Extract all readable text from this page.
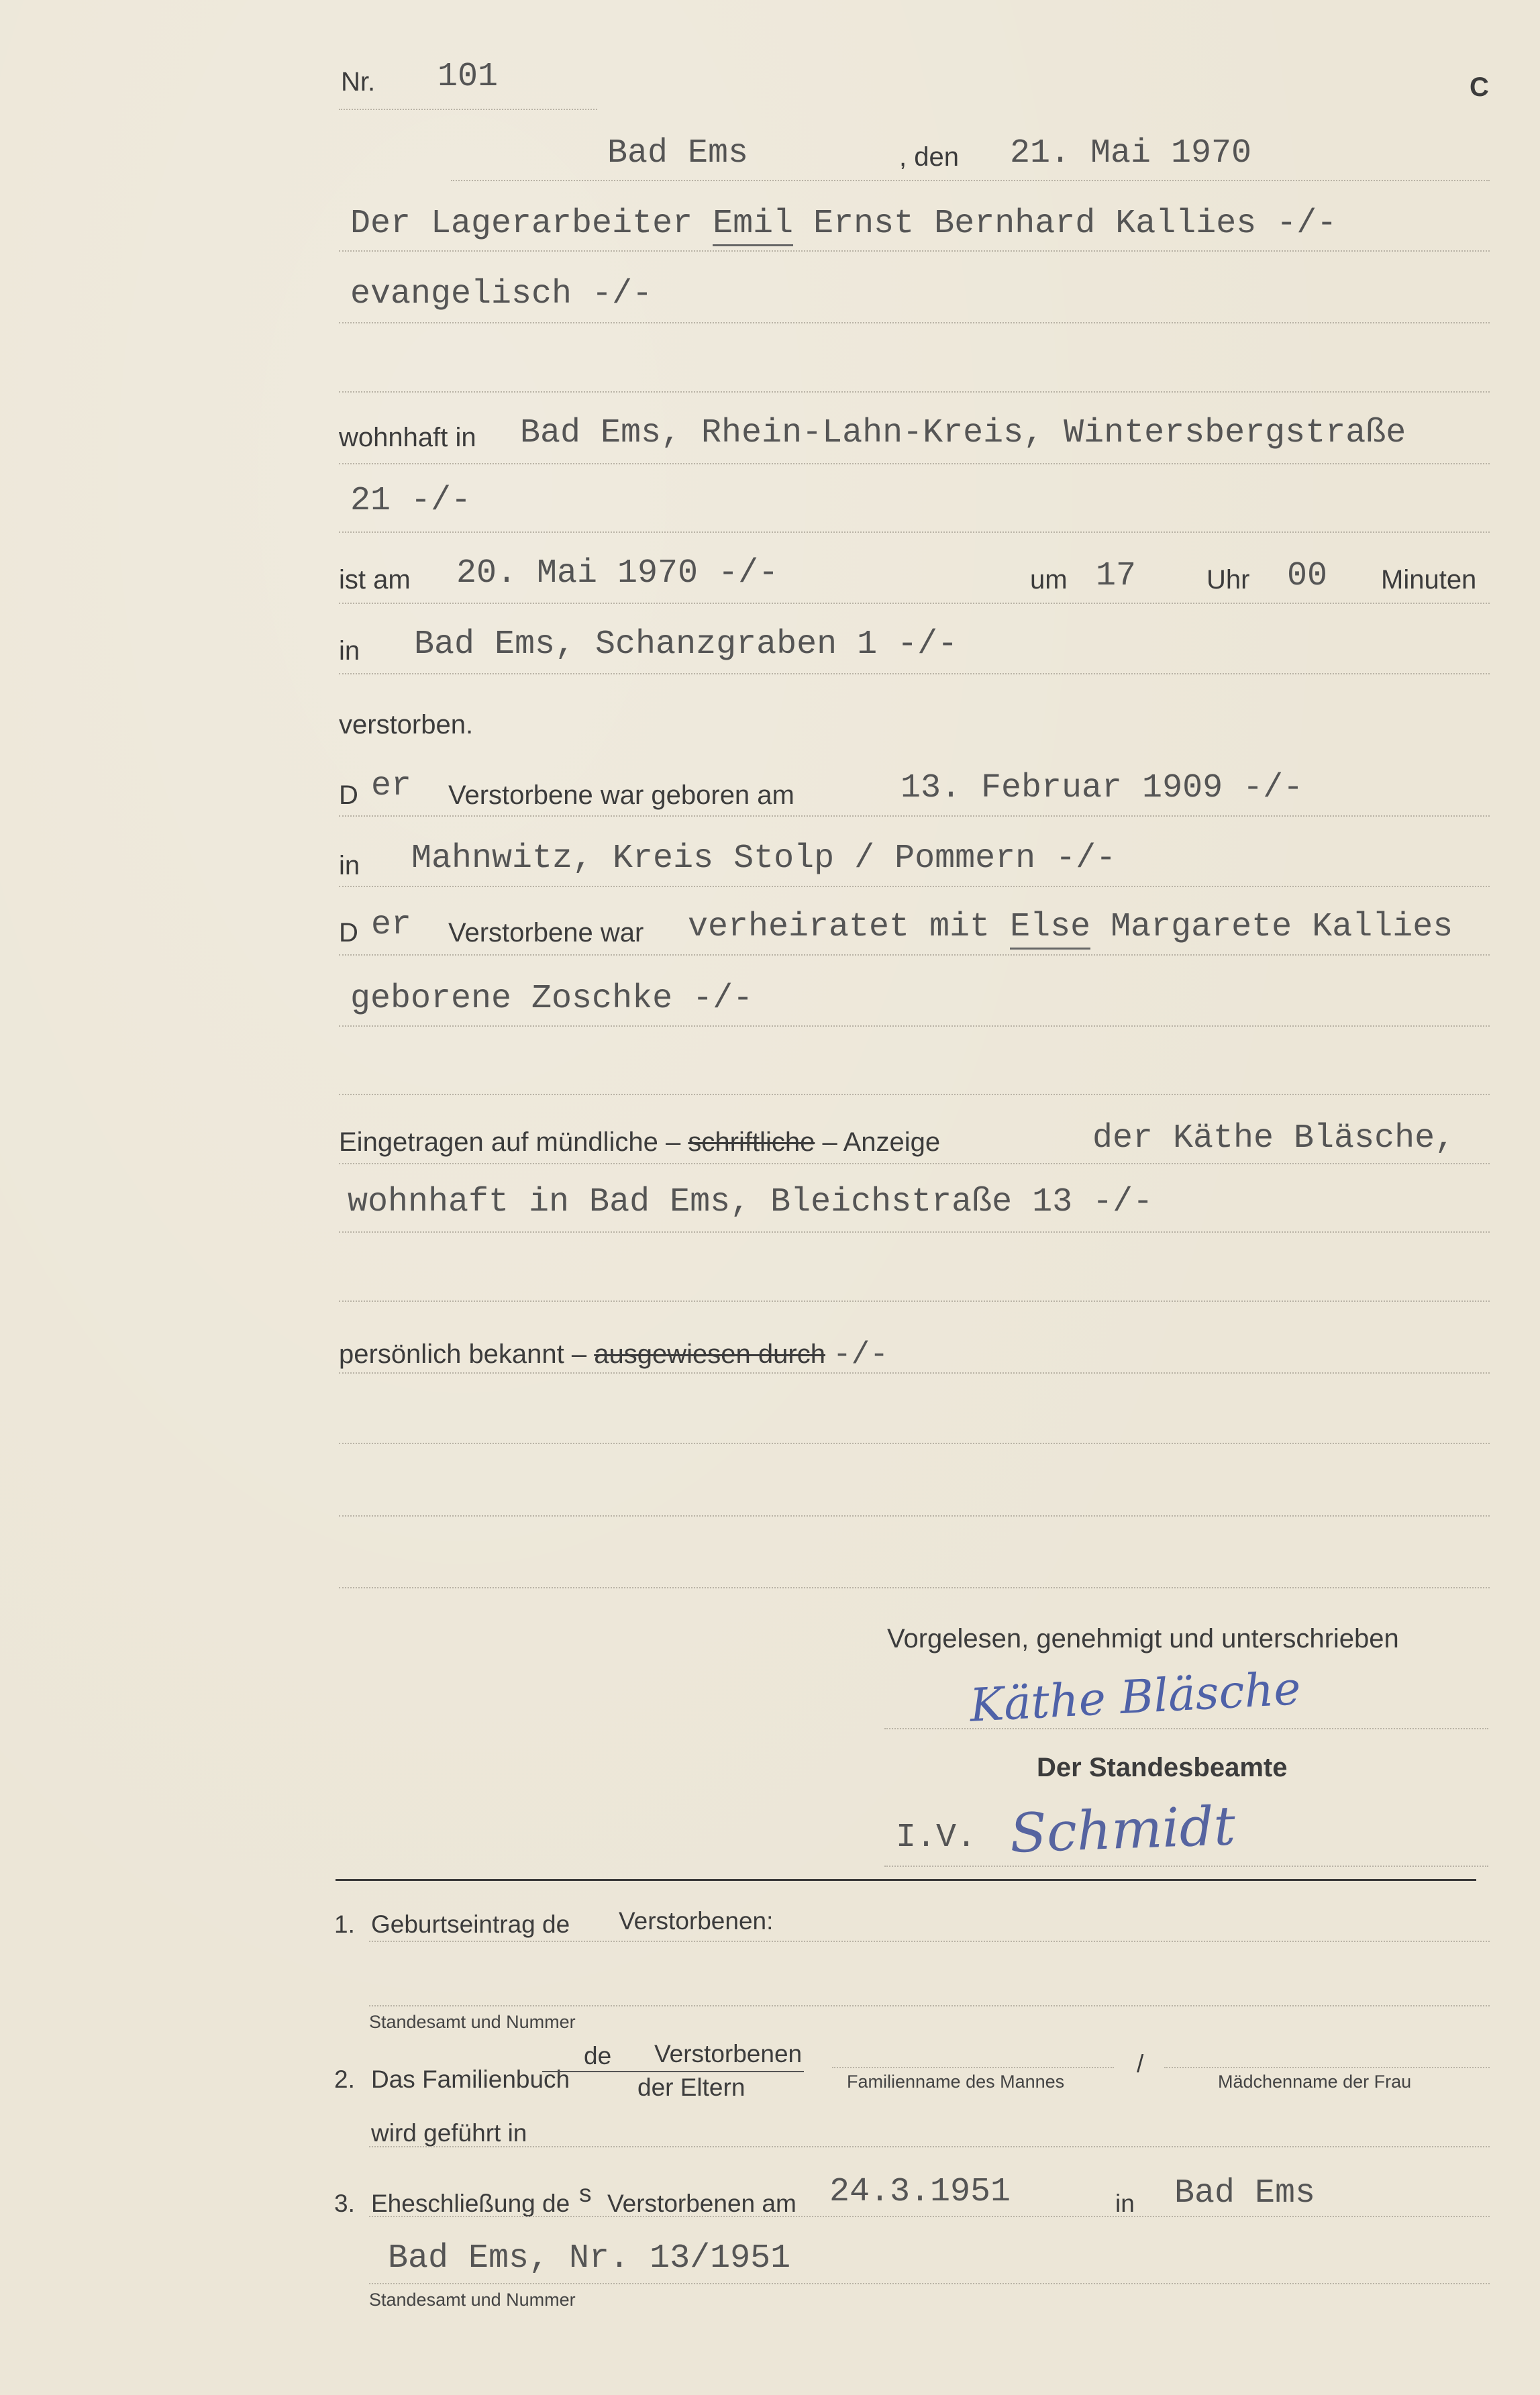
Nr. 101	C
Bad Ems	, den 21. Mai 1970
Der Lagerarbeiter Emil Ernst Bernhard Kallies -/-
evangelisch -/-
wohnhaft in Bad Ems, Rhein-Lahn-Kreis, Wintersbergstraße
21 -/-
ist am 20. Mai 1970 -/-	um 17	Uhr 00 Minuten
in Bad Ems, Schanzgraben 1 -/-
verstorben.
D er Verstorbene war geboren am	13. Februar 1909 -/-
in Mahnwitz, Kreis Stolp / Pommern -/-
D er Verstorbene war verheiratet mit Else Margarete Kallies
geborene Zoschke -/-
Eingetragen auf mündliche – schriftliche – Anzeige	der Käthe Bläsche,
wohnhaft in Bad Ems, Bleichstraße 13 -/-
persönlich bekannt – ausgewiesen durch -/-
Vorgelesen, genehmigt und unterschrieben
Käthe Bläsche
Der Standesbeamte
I.V. Schmidt
1. Geburtseintrag de Verstorbenen:
Standesamt und Nummer
2. Das Familienbuch
de Verstorbenen
der Eltern	Familienname des Mannes
/
Mädchenname der Frau
wird geführt in
3. Eheschließung de s Verstorbenen am 24.3.1951	in Bad Ems
Bad Ems, Nr. 13/1951
Standesamt und Nummer
